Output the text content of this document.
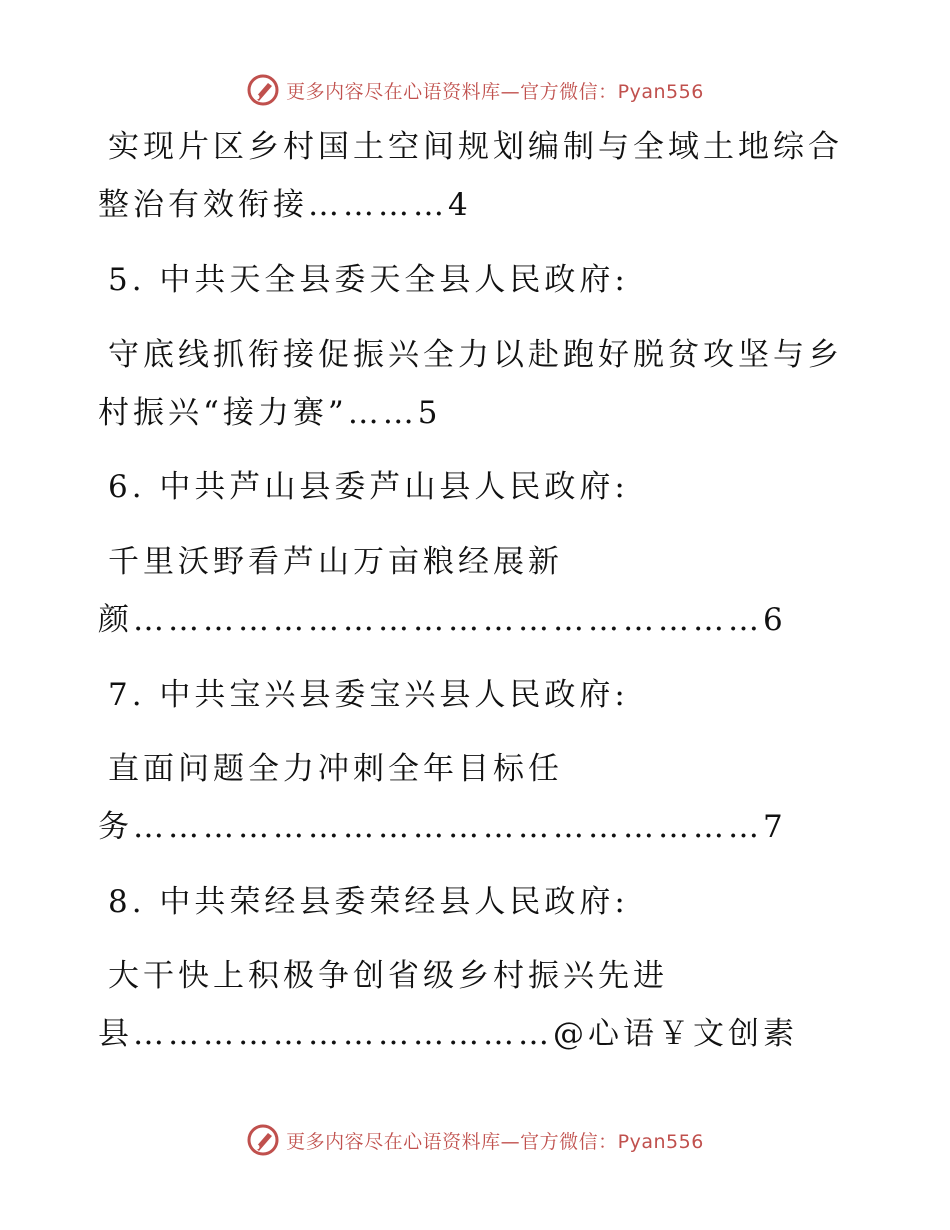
更多内容尽在心语资料库—官方微信：Pyan556
实现片区乡村国土空间规划编制与全域土地综合
整治有效衔接…………4
5. 中共天全县委天全县人民政府:
守底线抓衔接促振兴全力以赴跑好脱贫攻坚与乡
村振兴“接力赛”……5
6. 中共芦山县委芦山县人民政府:
千里沃野看芦山万亩粮经展新
颜………………………………………………6
7. 中共宝兴县委宝兴县人民政府:
直面问题全力冲刺全年目标任
务………………………………………………7
8. 中共荣经县委荣经县人民政府:
大干快上积极争创省级乡村振兴先进
县………………………………@心语￥文创素
更多内容尽在心语资料库—官方微信：Pyan556
